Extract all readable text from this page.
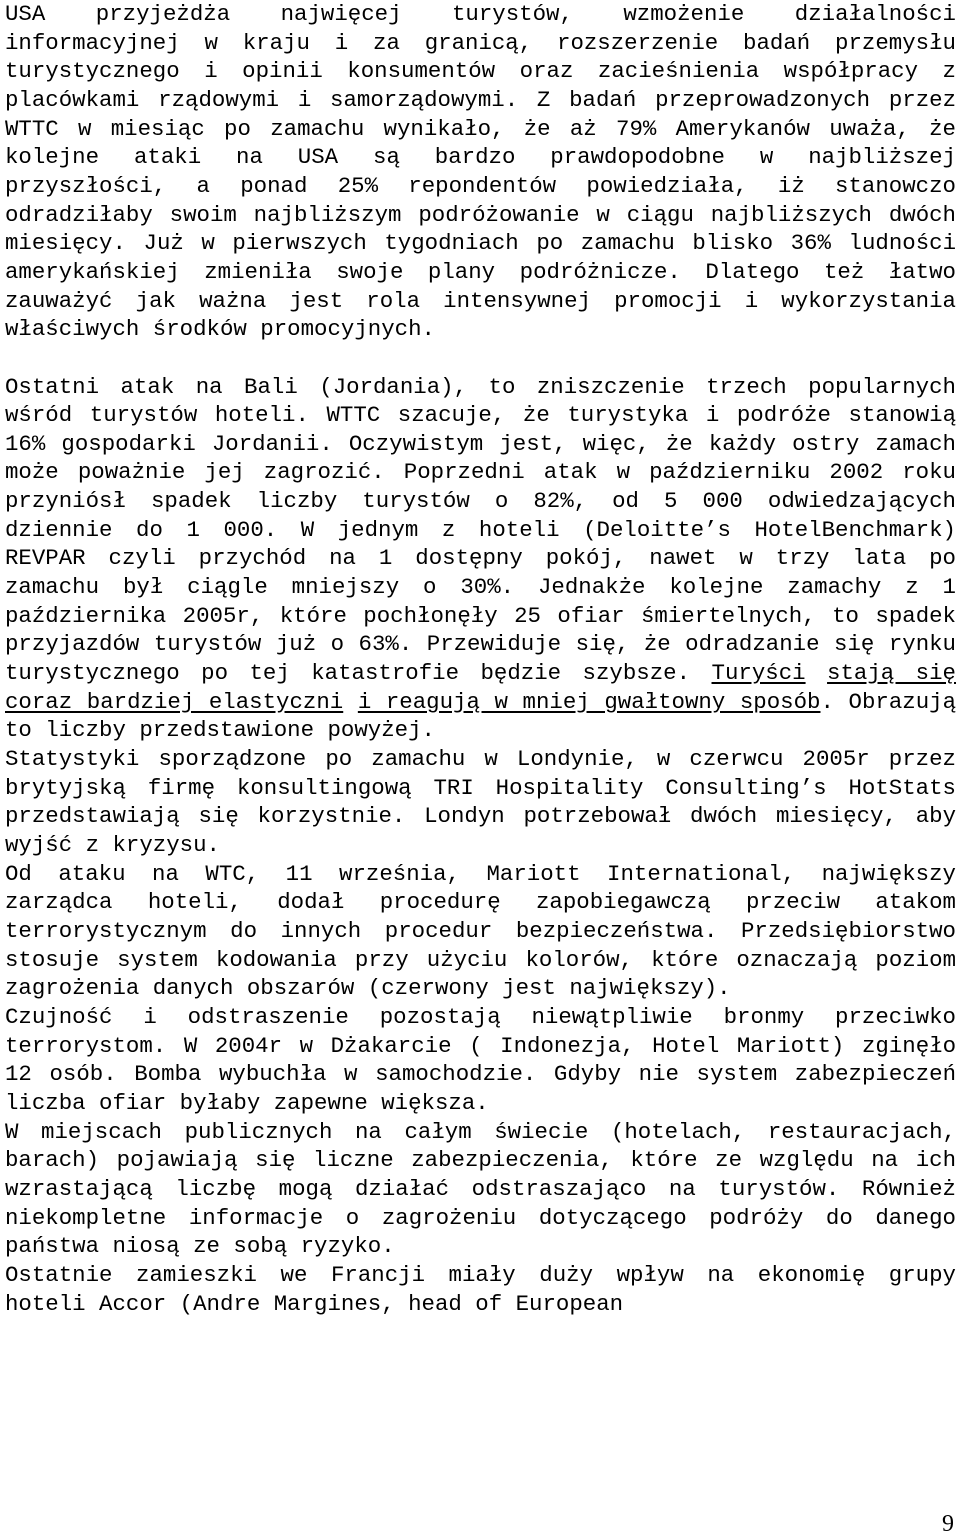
USA przyjeżdża najwięcej turystów, wzmożenie działalności informacyjnej w kraju i za granicą, rozszerzenie badań przemysłu turystycznego i opinii konsumentów oraz zacieśnienia współpracy z placówkami rządowymi i samorządowymi. Z badań przeprowadzonych przez WTTC w miesiąc po zamachu wynikało, że aż 79% Amerykanów uważa, że kolejne ataki na USA są bardzo prawdopodobne w najbliższej przyszłości, a ponad 25% repondentów powiedziała, iż stanowczo odradziłaby swoim najbliższym podróżowanie w ciągu najbliższych dwóch miesięcy. Już w pierwszych tygodniach po zamachu blisko 36% ludności amerykańskiej zmieniła swoje plany podróżnicze. Dlatego też łatwo zauważyć jak ważna jest rola intensywnej promocji i wykorzystania właściwych środków promocyjnych.

Ostatni atak na Bali (Jordania), to zniszczenie trzech popularnych wśród turystów hoteli. WTTC szacuje, że turystyka i podróże stanowią 16% gospodarki Jordanii. Oczywistym jest, więc, że każdy ostry zamach może poważnie jej zagrozić. Poprzedni atak w październiku 2002 roku przyniósł spadek liczby turystów o 82%, od 5 000 odwiedzających dziennie do 1 000. W jednym z hoteli (Deloitte’s HotelBenchmark) REVPAR czyli przychód na 1 dostępny pokój, nawet w trzy lata po zamachu był ciągle mniejszy o 30%. Jednakże kolejne zamachy z 1 października 2005r, które pochłonęły 25 ofiar śmiertelnych, to spadek przyjazdów turystów już o 63%. Przewiduje się, że odradzanie się rynku turystycznego po tej katastrofie będzie szybsze. Turyści stają się coraz bardziej elastyczni i reagują w mniej gwałtowny sposób. Obrazują to liczby przedstawione powyżej.

Statystyki sporządzone po zamachu w Londynie, w czerwcu 2005r przez brytyjską firmę konsultingową TRI Hospitality Consulting’s HotStats przedstawiają się korzystnie. Londyn potrzebował dwóch miesięcy, aby wyjść z kryzysu.

Od ataku na WTC, 11 września, Mariott International, największy zarządca hoteli, dodał procedurę zapobiegawczą przeciw atakom terrorystycznym do innych procedur bezpieczeństwa. Przedsiębiorstwo stosuje system kodowania przy użyciu kolorów, które oznaczają poziom zagrożenia danych obszarów (czerwony jest największy).

Czujność i odstraszenie pozostają niewątpliwie bronmy przeciwko terrorystom. W 2004r w Dżakarcie ( Indonezja, Hotel Mariott) zginęło 12 osób. Bomba wybuchła w samochodzie. Gdyby nie system zabezpieczeń liczba ofiar byłaby zapewne większa.

W miejscach publicznych na całym świecie (hotelach, restauracjach, barach) pojawiają się liczne zabezpieczenia, które ze względu na ich wzrastającą liczbę mogą działać odstraszająco na turystów. Również niekompletne informacje o zagrożeniu dotyczącego podróży do danego państwa niosą ze sobą ryzyko.

Ostatnie zamieszki we Francji miały duży wpływ na ekonomię grupy hoteli Accor (Andre Margines, head of European

9
